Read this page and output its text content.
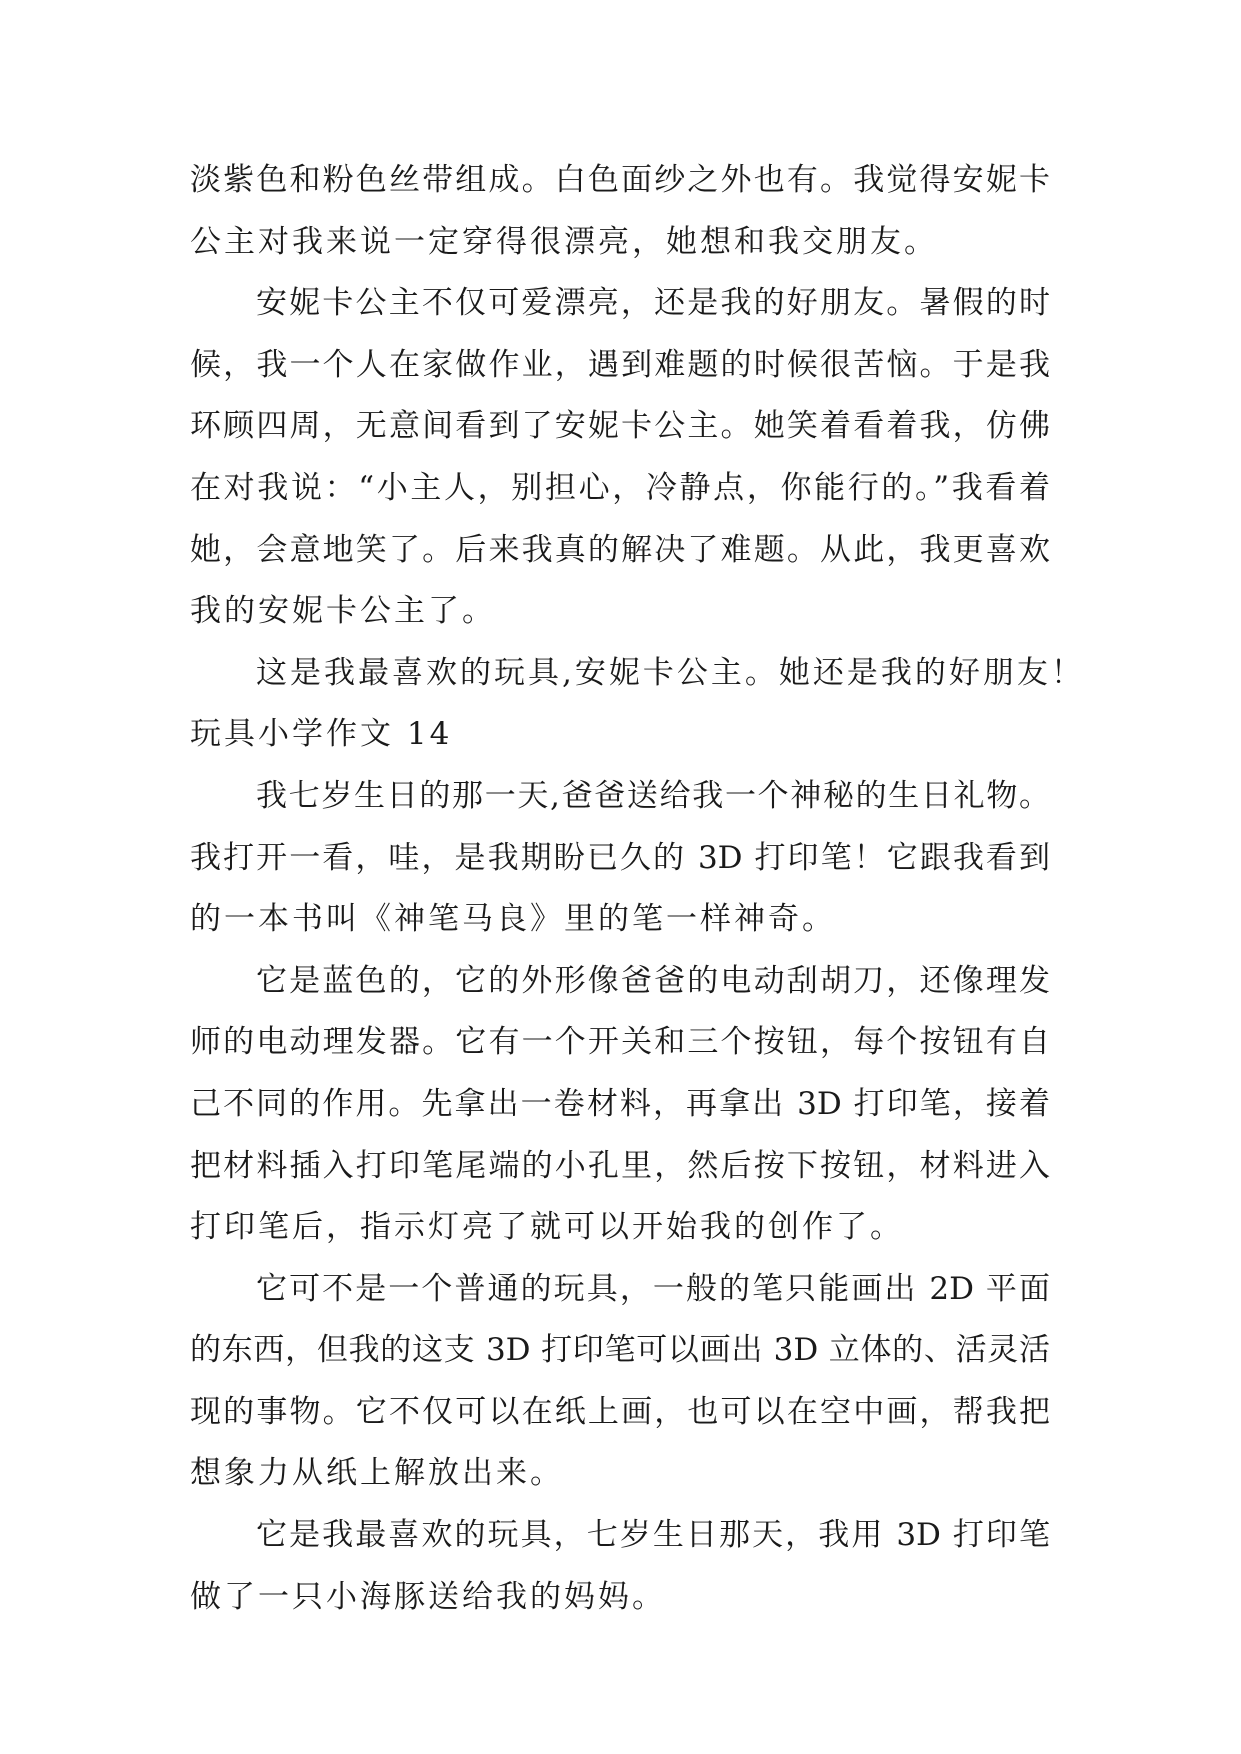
淡紫色和粉色丝带组成。白色面纱之外也有。我觉得安妮卡
公主对我来说一定穿得很漂亮，她想和我交朋友。
安妮卡公主不仅可爱漂亮，还是我的好朋友。暑假的时
候，我一个人在家做作业，遇到难题的时候很苦恼。于是我
环顾四周，无意间看到了安妮卡公主。她笑着看着我，仿佛
在对我说：“小主人，别担心，冷静点，你能行的。”我看着
她，会意地笑了。后来我真的解决了难题。从此，我更喜欢
我的安妮卡公主了。
这是我最喜欢的玩具,安妮卡公主。她还是我的好朋友！
玩具小学作文 14
我七岁生日的那一天,爸爸送给我一个神秘的生日礼物。
我打开一看，哇，是我期盼已久的 3D 打印笔！它跟我看到
的一本书叫《神笔马良》里的笔一样神奇。
它是蓝色的，它的外形像爸爸的电动刮胡刀，还像理发
师的电动理发器。它有一个开关和三个按钮，每个按钮有自
己不同的作用。先拿出一卷材料，再拿出 3D 打印笔，接着
把材料插入打印笔尾端的小孔里，然后按下按钮，材料进入
打印笔后，指示灯亮了就可以开始我的创作了。
它可不是一个普通的玩具，一般的笔只能画出 2D 平面
的东西，但我的这支 3D 打印笔可以画出 3D 立体的、活灵活
现的事物。它不仅可以在纸上画，也可以在空中画，帮我把
想象力从纸上解放出来。
它是我最喜欢的玩具，七岁生日那天，我用 3D 打印笔
做了一只小海豚送给我的妈妈。
